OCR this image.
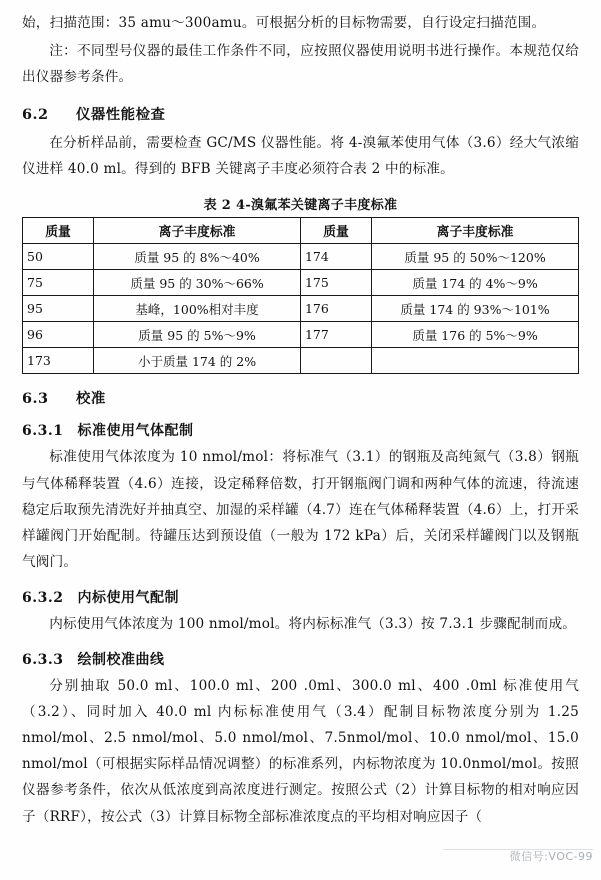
始，扫描范围：35 amu～300amu。可根据分析的目标物需要，自行设定扫描范围。

注：不同型号仪器的最佳工作条件不同，应按照仪器使用说明书进行操作。本规范仅给出仪器参考条件。

6.2 仪器性能检查

在分析样品前，需要检查 GC/MS 仪器性能。将 4-溴氟苯使用气体（3.6）经大气浓缩仪进样 40.0 ml。得到的 BFB 关键离子丰度必须符合表 2 中的标准。

表 2 4-溴氟苯关键离子丰度标准
质量	离子丰度标准	质量	离子丰度标准
50	质量 95 的 8%～40%	174	质量 95 的 50%～120%
75	质量 95 的 30%～66%	175	质量 174 的 4%～9%
95	基峰，100%相对丰度	176	质量 174 的 93%～101%
96	质量 95 的 5%～9%	177	质量 176 的 5%～9%
173	小于质量 174 的 2%		
6.3 校准
6.3.1 标准使用气体配制

标准使用气体浓度为 10 nmol/mol：将标准气（3.1）的钢瓶及高纯氮气（3.8）钢瓶与气体稀释装置（4.6）连接，设定稀释倍数，打开钢瓶阀门调和两种气体的流速，待流速稳定后取预先清洗好并抽真空、加湿的采样罐（4.7）连在气体稀释装置（4.6）上，打开采样罐阀门开始配制。待罐压达到预设值（一般为 172 kPa）后，关闭采样罐阀门以及钢瓶气阀门。

6.3.2 内标使用气配制

内标使用气体浓度为 100 nmol/mol。将内标标准气（3.3）按 7.3.1 步骤配制而成。

6.3.3 绘制校准曲线

分别抽取 50.0 ml、100.0 ml、200 .0ml、300.0 ml、400 .0ml 标准使用气（3.2）、同时加入 40.0 ml 内标标准使用气（3.4）配制目标物浓度分别为 1.25 nmol/mol、2.5 nmol/mol、5.0 nmol/mol、7.5nmol/mol、10.0 nmol/mol、15.0 nmol/mol（可根据实际样品情况调整）的标准系列，内标物浓度为 10.0nmol/mol。按照仪器参考条件，依次从低浓度到高浓度进行测定。按照公式（2）计算目标物的相对响应因子（RRF），按公式（3）计算目标物全部标准浓度点的平均相对响应因子（

微信号:VOC-99
